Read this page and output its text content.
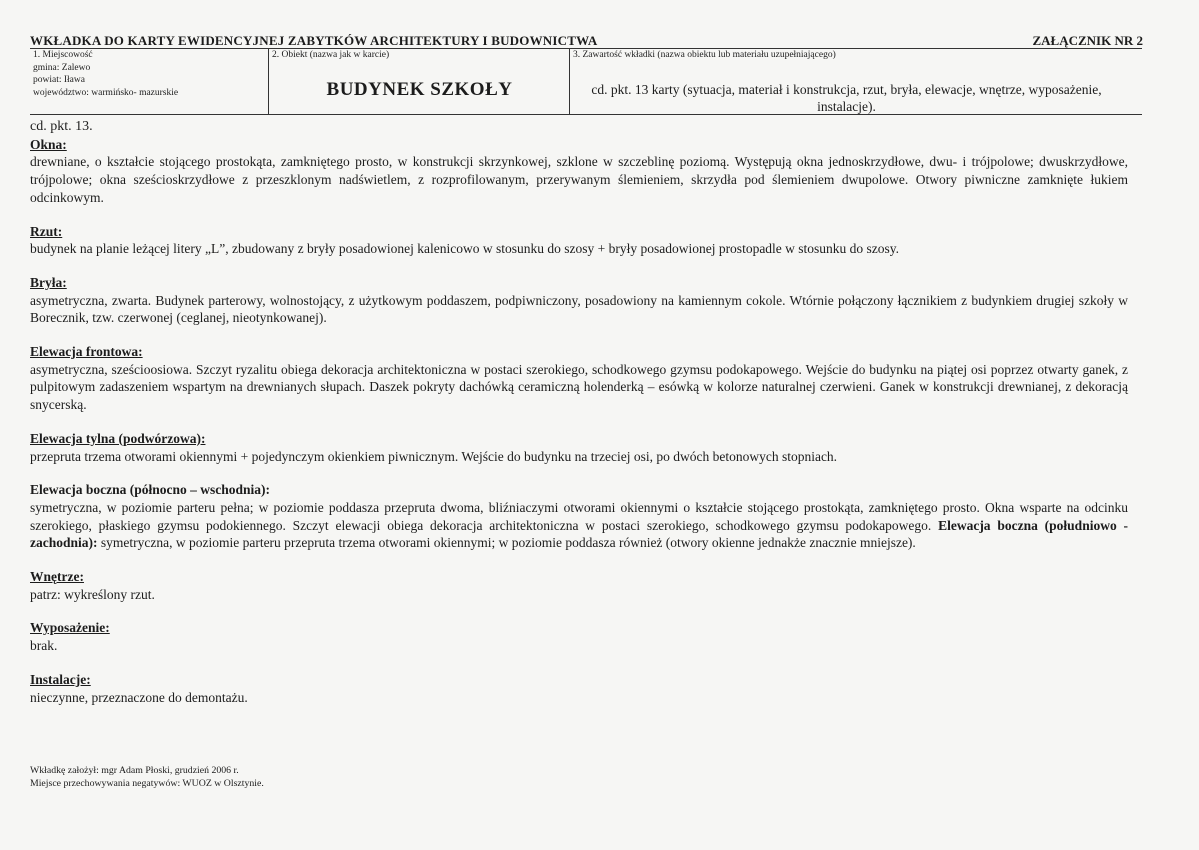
WKŁADKA DO KARTY EWIDENCYJNEJ ZABYTKÓW ARCHITEKTURY I BUDOWNICTWA	ZAŁĄCZNIK NR 2
1. Miejscowość
gmina: Zalewo
powiat: Iława
województwo: warmińsko- mazurskie
2. Obiekt (nazwa jak w karcie)
BUDYNEK SZKOŁY
3. Zawartość wkładki (nazwa obiektu lub materiału uzupełniającego)
cd. pkt. 13 karty (sytuacja, materiał i konstrukcja, rzut, bryła, elewacje, wnętrze, wyposażenie, instalacje).
cd. pkt. 13.
Okna:
drewniane, o kształcie stojącego prostokąta, zamkniętego prosto, w konstrukcji skrzynkowej, szklone w szczeblinę poziomą. Występują okna jednoskrzydłowe, dwu- i trójpolowe; dwuskrzydłowe, trójpolowe; okna sześcioskrzydłowe z przeszklonym nadświetlem, z rozprofilowanym, przerywanym ślemieniem, skrzydła pod ślemieniem dwupolowe. Otwory piwniczne zamknięte łukiem odcinkowym.
Rzut:
budynek na planie leżącej litery „L”, zbudowany z bryły posadowionej kalenicowo w stosunku do szosy + bryły posadowionej prostopadle w stosunku do szosy.
Bryła:
asymetryczna, zwarta. Budynek parterowy, wolnostojący, z użytkowym poddaszem, podpiwniczony, posadowiony na kamiennym cokole. Wtórnie połączony łącznikiem z budynkiem drugiej szkoły w Borecznik, tzw. czerwonej (ceglanej, nieotynkowanej).
Elewacja frontowa:
asymetryczna, sześcioosiowa. Szczyt ryzalitu obiega dekoracja architektoniczna w postaci szerokiego, schodkowego gzymsu podokapowego. Wejście do budynku na piątej osi poprzez otwarty ganek, z pulpitowym zadaszeniem wspartym na drewnianych słupach. Daszek pokryty dachówką ceramiczną holenderką – esówką w kolorze naturalnej czerwieni. Ganek w konstrukcji drewnianej, z dekoracją snycerską.
Elewacja tylna (podwórzowa):
przepruta trzema otworami okiennymi + pojedynczym okienkiem piwnicznym. Wejście do budynku na trzeciej osi, po dwóch betonowych stopniach.
Elewacja boczna (północno – wschodnia):
symetryczna, w poziomie parteru pełna; w poziomie poddasza przepruta dwoma, bliźniaczymi otworami okiennymi o kształcie stojącego prostokąta, zamkniętego prosto. Okna wsparte na odcinku szerokiego, płaskiego gzymsu podokiennego. Szczyt elewacji obiega dekoracja architektoniczna w postaci szerokiego, schodkowego gzymsu podokapowego. Elewacja boczna (południowo - zachodnia): symetryczna, w poziomie parteru przepruta trzema otworami okiennymi; w poziomie poddasza również (otwory okienne jednakże znacznie mniejsze).
Wnętrze:
patrz: wykreślony rzut.
Wyposażenie:
brak.
Instalacje:
nieczynne, przeznaczone do demontażu.
Wkładkę założył: mgr Adam Płoski, grudzień 2006 r.
Miejsce przechowywania negatywów: WUOZ w Olsztynie.
